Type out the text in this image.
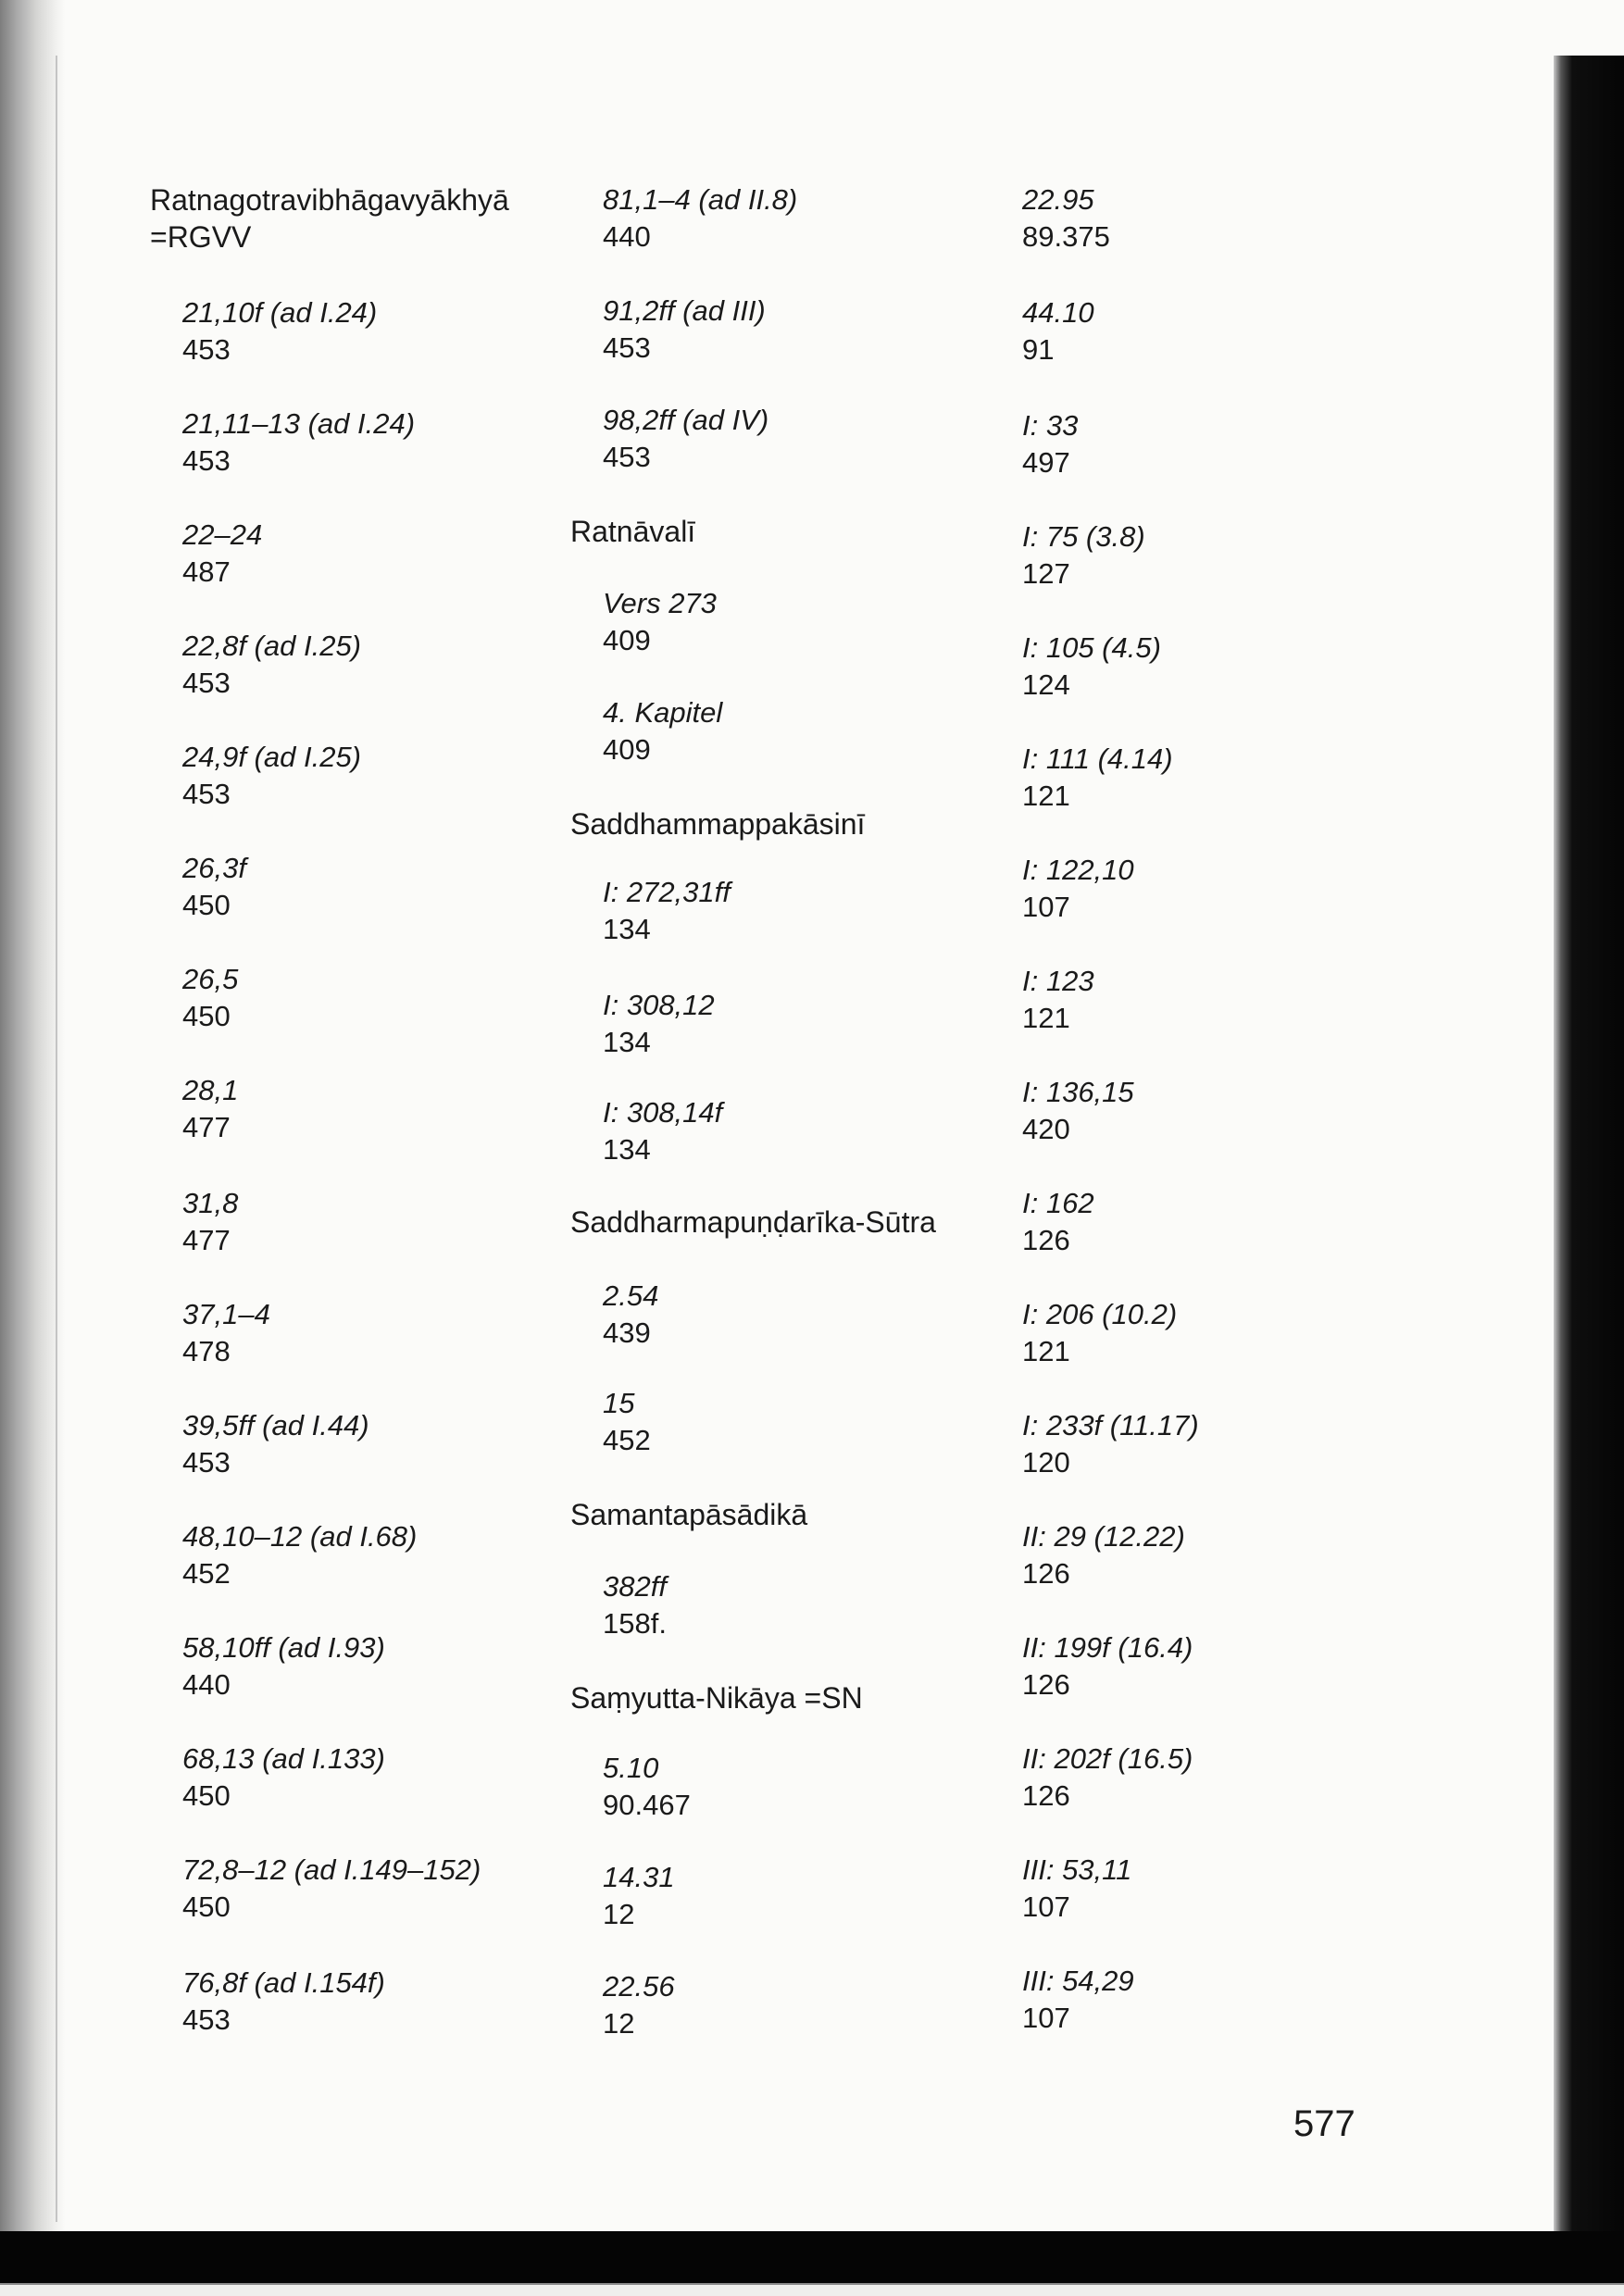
Ratnagotravibhāgavyākhyā
=RGVV
21,10f (ad I.24)
453
21,11–13 (ad I.24)
453
22–24
487
22,8f (ad I.25)
453
24,9f (ad I.25)
453
26,3f
450
26,5
450
28,1
477
31,8
477
37,1–4
478
39,5ff (ad I.44)
453
48,10–12 (ad I.68)
452
58,10ff (ad I.93)
440
68,13 (ad I.133)
450
72,8–12 (ad I.149–152)
450
76,8f (ad I.154f)
453
81,1–4 (ad II.8)
440
91,2ff (ad III)
453
98,2ff (ad IV)
453
Ratnāvalī
Vers 273
409
4. Kapitel
409
Saddhammappakāsinī
I: 272,31ff
134
I: 308,12
134
I: 308,14f
134
Saddharmapuṇḍarīka-Sūtra
2.54
439
15
452
Samantapāsādikā
382ff
158f.
Saṃyutta-Nikāya =SN
5.10
90.467
14.31
12
22.56
12
22.95
89.375
44.10
91
I: 33
497
I: 75 (3.8)
127
I: 105 (4.5)
124
I: 111 (4.14)
121
I: 122,10
107
I: 123
121
I: 136,15
420
I: 162
126
I: 206 (10.2)
121
I: 233f (11.17)
120
II: 29 (12.22)
126
II: 199f (16.4)
126
II: 202f (16.5)
126
III: 53,11
107
III: 54,29
107
577
